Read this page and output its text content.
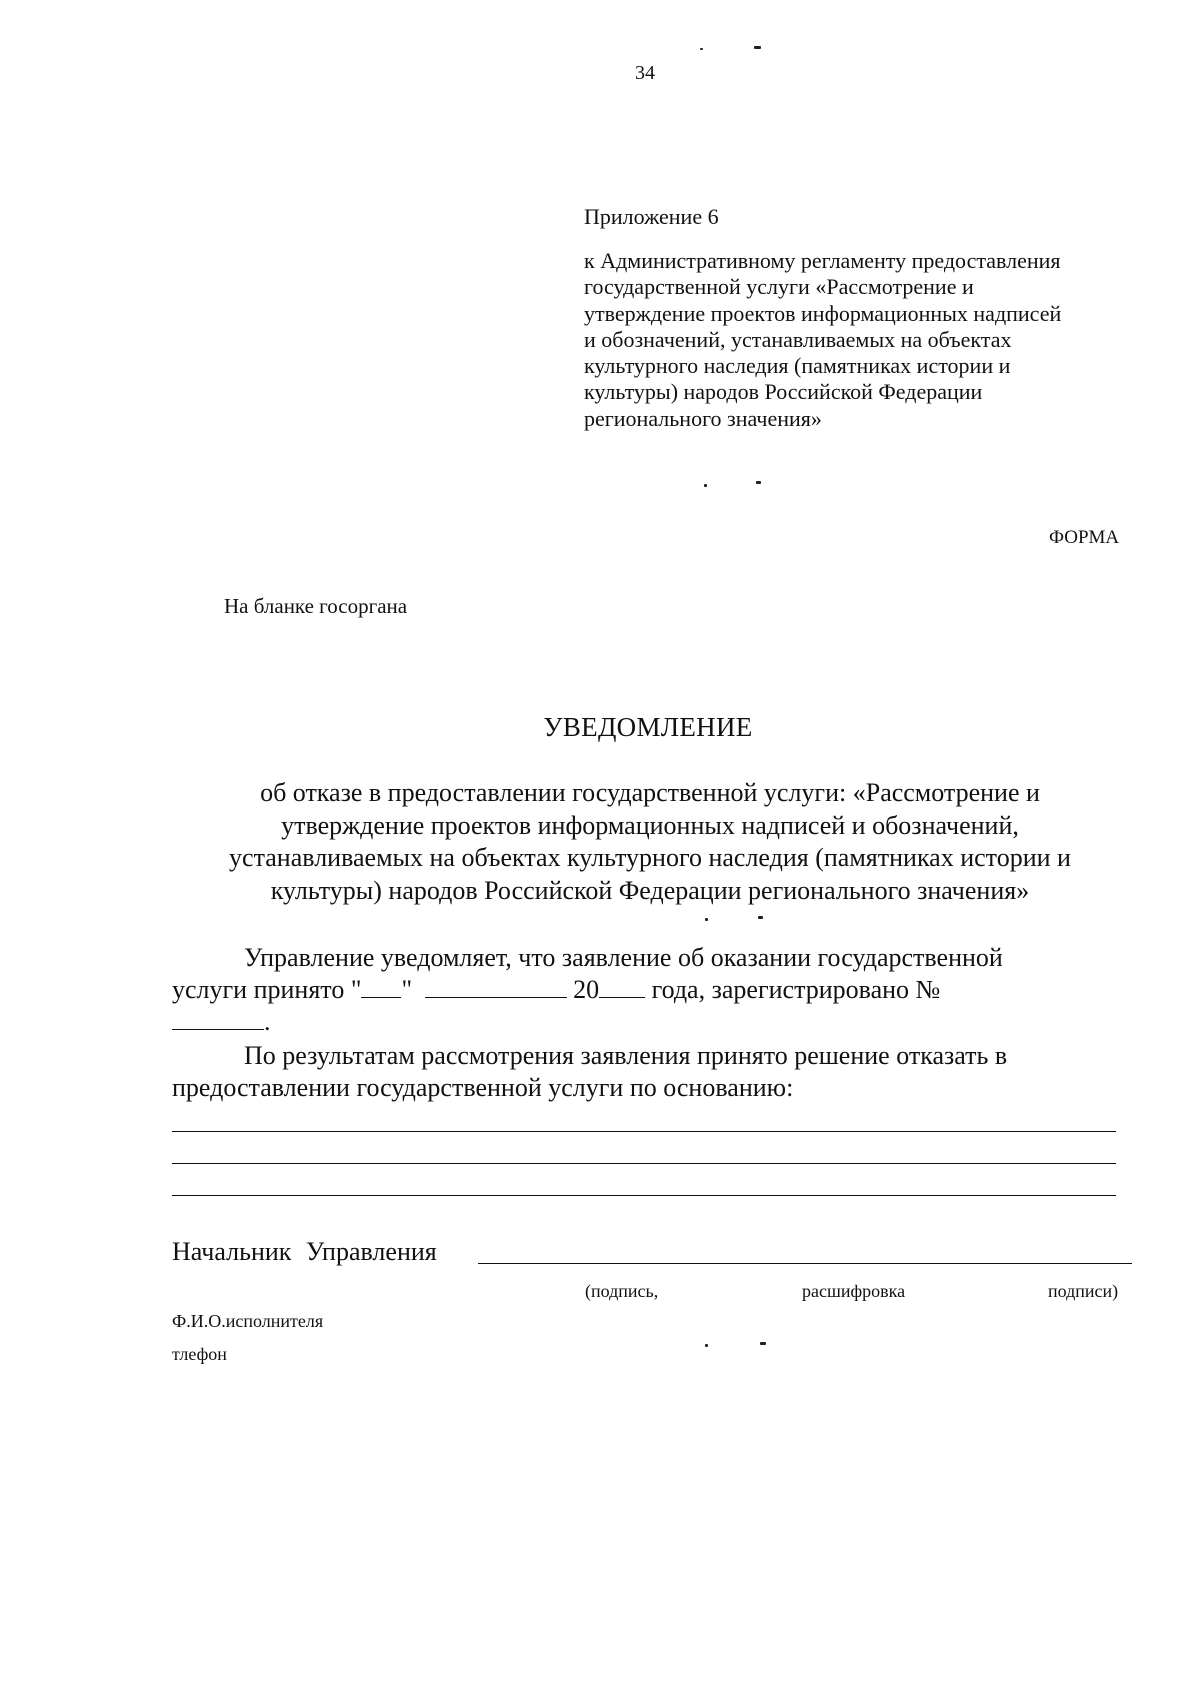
34
Приложение 6
к Административному регламенту предоставления
государственной услуги «Рассмотрение и
утверждение проектов информационных надписей
и обозначений, устанавливаемых на объектах
культурного наследия (памятниках истории и
культуры) народов Российской Федерации
регионального значения»
ФОРМА
На бланке госоргана
УВЕДОМЛЕНИЕ
об отказе в предоставлении государственной услуги: «Рассмотрение и
утверждение проектов информационных надписей и обозначений,
устанавливаемых на объектах культурного наследия (памятниках истории и
культуры) народов Российской Федерации регионального значения»
Управление уведомляет, что заявление об оказании государственной
услуги принято " "	20 года, зарегистрировано №
.
По результатам рассмотрения заявления принято решение отказать в
предоставлении государственной услуги по основанию:
Начальник Управления
(подпись,	расшифровка	подписи)
Ф.И.О.исполнителя
тлефон
